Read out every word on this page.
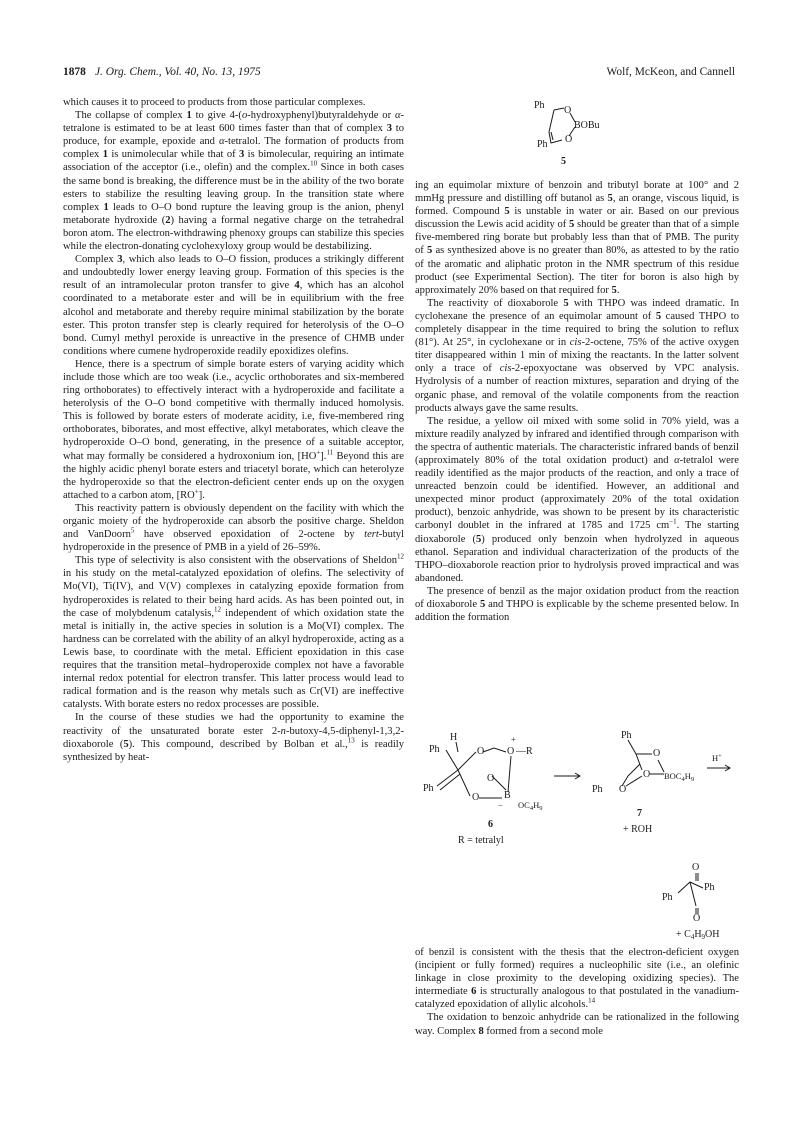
1878 J. Org. Chem., Vol. 40, No. 13, 1975	Wolf, McKeon, and Cannell

which causes it to proceed to products from those particular complexes.

The collapse of complex 1 to give 4-(o-hydroxyphenyl)butyraldehyde or α-tetralone is estimated to be at least 600 times faster than that of complex 3 to produce, for example, epoxide and α-tetralol. The formation of products from complex 1 is unimolecular while that of 3 is bimolecular, requiring an intimate association of the acceptor (i.e., olefin) and the complex.$^{10}$ Since in both cases the same bond is breaking, the difference must be in the ability of the two borate esters to stabilize the resulting leaving group. In the transition state where complex 1 leads to O–O bond rupture the leaving group is the anion, phenyl metaborate hydroxide (2) having a formal negative charge on the tetrahedral boron atom. The electron-withdrawing phenoxy groups can stabilize this species while the electron-donating cyclohexyloxy group would be destabilizing.

Complex 3, which also leads to O–O fission, produces a strikingly different and undoubtedly lower energy leaving group. Formation of this species is the result of an intramolecular proton transfer to give 4, which has an alcohol coordinated to a metaborate ester and will be in equilibrium with the free alcohol and metaborate and thereby require minimal stabilization by the borate ester. This proton transfer step is clearly required for heterolysis of the O–O bond. Cumyl methyl peroxide is unreactive in the presence of CHMB under conditions where cumene hydroperoxide readily epoxidizes olefins.

Hence, there is a spectrum of simple borate esters of varying acidity which include those which are too weak (i.e., acyclic orthoborates and six-membered ring orthoborates) to effectively interact with a hydroperoxide and facilitate a heterolysis of the O–O bond competitive with thermally induced homolysis. This is followed by borate esters of moderate acidity, i.e, five-membered ring orthoborates, biborates, and most effective, alkyl metaborates, which cleave the hydroperoxide O–O bond, generating, in the presence of a suitable acceptor, what may formally be considered a hydroxonium ion, [HO+].$^{11}$ Beyond this are the highly acidic phenyl borate esters and triacetyl borate, which can heterolyze the hydroperoxide so that the electron-deficient center ends up on the oxygen attached to a carbon atom, [RO+].

This reactivity pattern is obviously dependent on the facility with which the organic moiety of the hydroperoxide can absorb the positive charge. Sheldon and VanDoorn$^5$ have observed epoxidation of 2-octene by tert-butyl hydroperoxide in the presence of PMB in a yield of 26–59%.

This type of selectivity is also consistent with the observations of Sheldon$^{12}$ in his study on the metal-catalyzed epoxidation of olefins. The selectivity of Mo(VI), Ti(IV), and V(V) complexes in catalyzing epoxide formation from hydroperoxides is related to their being hard acids. As has been pointed out, in the case of molybdenum catalysis,$^{12}$ independent of which oxidation state the metal is initially in, the active species in solution is a Mo(VI) complex. The hardness can be correlated with the ability of an alkyl hydroperoxide, acting as a Lewis base, to coordinate with the metal. Efficient epoxidation in this case requires that the transition metal–hydroperoxide complex not have a favorable internal redox potential for electron transfer. This latter process would lead to radical formation and is the reason why metals such as Cr(VI) are ineffective catalysts. With borate esters no redox processes are possible.

In the course of these studies we had the opportunity to examine the reactivity of the unsaturated borate ester 2-n-butoxy-4,5-diphenyl-1,3,2-dioxaborole (5). This compound, described by Bolban et al.,$^{13}$ is readily synthesized by heat-

Ph O
BOBu
O
Ph
5

ing an equimolar mixture of benzoin and tributyl borate at 100° and 2 mmHg pressure and distilling off butanol as 5, an orange, viscous liquid, is formed. Compound 5 is unstable in water or air. Based on our previous discussion the Lewis acid acidity of 5 should be greater than that of a simple five-membered ring borate but probably less than that of PMB. The purity of 5 as synthesized above is no greater than 80%, as attested to by the ratio of the aromatic and aliphatic proton in the NMR spectrum of this residue product (see Experimental Section). The titer for boron is also high by approximately 20% based on that required for 5.

The reactivity of dioxaborole 5 with THPO was indeed dramatic. In cyclohexane the presence of an equimolar amount of 5 caused THPO to completely disappear in the time required to bring the solution to reflux (81°). At 25°, in cyclohexane or in cis-2-octene, 75% of the active oxygen titer disappeared within 1 min of mixing the reactants. In the latter solvent only a trace of cis-2-epoxyoctane was observed by VPC analysis. Hydrolysis of a number of reaction mixtures, separation and drying of the organic phase, and removal of the volatile components from the reaction products always gave the same results.

The residue, a yellow oil mixed with some solid in 70% yield, was a mixture readily analyzed by infrared and identified through comparison with the spectra of authentic materials. The characteristic infrared bands of benzil (approximately 80% of the total oxidation product) and α-tetralol were readily identified as the major products of the reaction, and only a trace of unreacted benzoin could be identified. However, an additional and unexpected minor product (approximately 20% of the total oxidation product), benzoic anhydride, was shown to be present by its characteristic carbonyl doublet in the infrared at 1785 and 1725 $cm^{-1}$. The starting dioxaborole (5) produced only benzoin when hydrolyzed in aqueous ethanol. Separation and individual characterization of the products of the THPO–dioxaborole reaction prior to hydrolysis proved impractical and was abandoned.

The presence of benzil as the major oxidation product from the reaction of dioxaborole 5 and THPO is explicable by the scheme presented below. In addition the formation

Ph
H
O
+
O —R
O
Ph
O B
− $OC_4H_9$
6
R = tetralyl
H+
Ph
O
O $BOC_4H_9$
Ph O
7
+ ROH
O
Ph
Ph
O
+ $C_4H_9OH$

of benzil is consistent with the thesis that the electron-deficient oxygen (incipient or fully formed) requires a nucleophilic site (i.e., an olefinic linkage in close proximity to the developing oxidizing species). The intermediate 6 is structurally analogous to that postulated in the vanadium-catalyzed epoxidation of allylic alcohols.$^{14}$

The oxidation to benzoic anhydride can be rationalized in the following way. Complex 8 formed from a second mole
